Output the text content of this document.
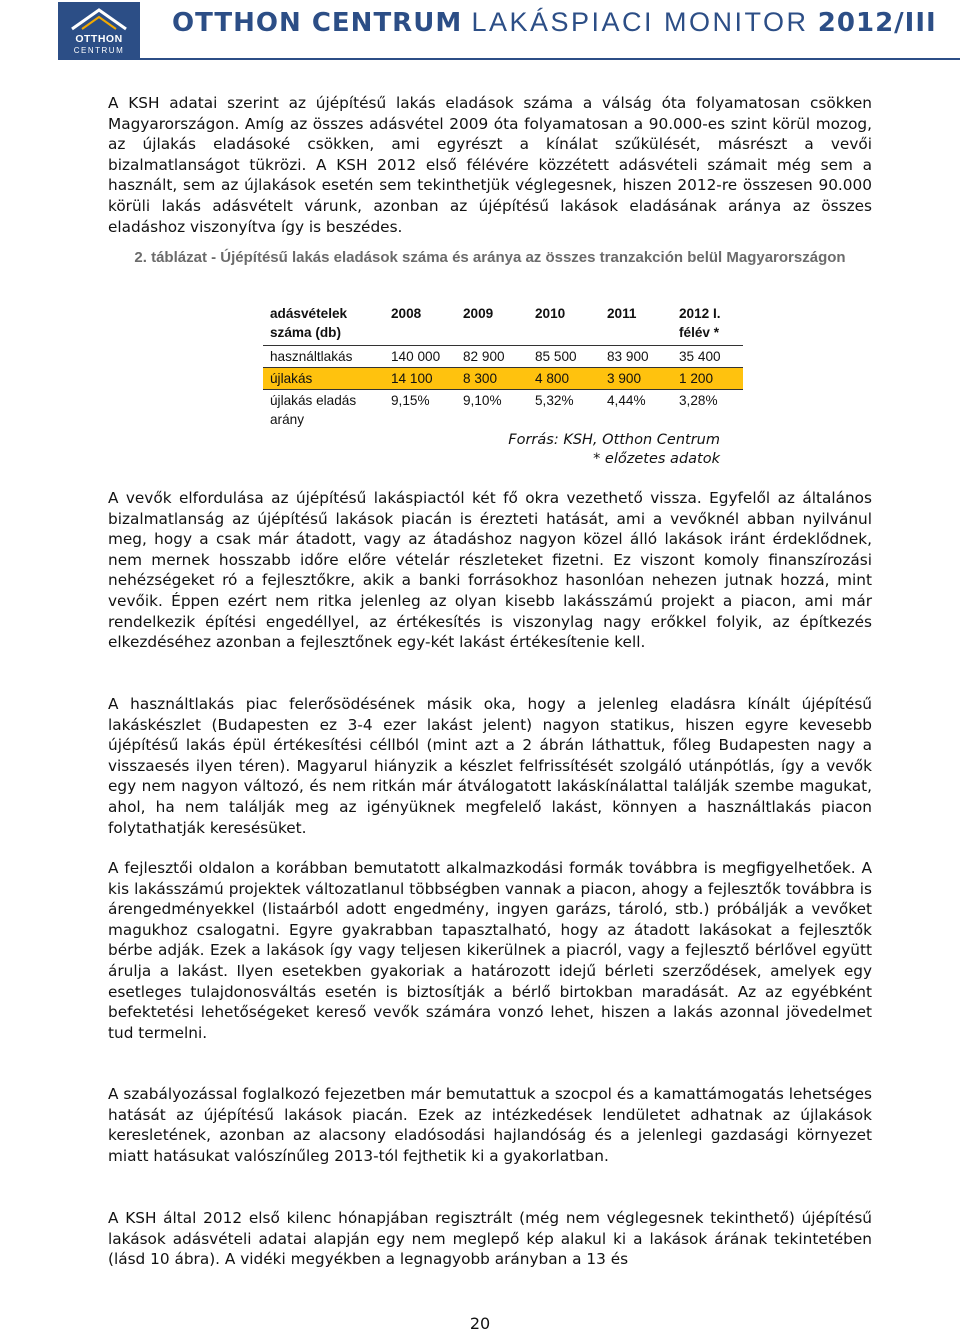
OTTHON
CENTRUM
OTTHON CENTRUM LAKÁSPIACI MONITOR 2012/III

A KSH adatai szerint az újépítésű lakás eladások száma a válság óta folyamatosan csökken Magyarországon. Amíg az összes adásvétel 2009 óta folyamatosan a 90.000-es szint körül mozog, az újlakás eladásoké csökken, ami egyrészt a kínálat szűkülését, másrészt a vevői bizalmatlanságot tükrözi. A KSH 2012 első félévére közzétett adásvételi számait még sem a használt, sem az újlakások esetén sem tekinthetjük véglegesnek, hiszen 2012-re összesen 90.000 körüli lakás adásvételt várunk, azonban az újépítésű lakások eladásának aránya az összes eladáshoz viszonyítva így is beszédes.

2. táblázat - Újépítésű lakás eladások száma és aránya az összes tranzakción belül Magyarországon
adásvételek száma (db)	2008	2009	2010	2011	2012 I. félév *
használtlakás	140 000	82 900	85 500	83 900	35 400
újlakás	14 100	8 300	4 800	3 900	1 200
újlakás eladás arány	9,15%	9,10%	5,32%	4,44%	3,28%
Forrás: KSH, Otthon Centrum
* előzetes adatok

A vevők elfordulása az újépítésű lakáspiactól két fő okra vezethető vissza. Egyfelől az általános bizalmatlanság az újépítésű lakások piacán is érezteti hatását, ami a vevőknél abban nyilvánul meg, hogy a csak már átadott, vagy az átadáshoz nagyon közel álló lakások iránt érdeklődnek, nem mernek hosszabb időre előre vételár részleteket fizetni. Ez viszont komoly finanszírozási nehézségeket ró a fejlesztőkre, akik a banki forrásokhoz hasonlóan nehezen jutnak hozzá, mint vevőik. Éppen ezért nem ritka jelenleg az olyan kisebb lakásszámú projekt a piacon, ami már rendelkezik építési engedéllyel, az értékesítés is viszonylag nagy erőkkel folyik, az építkezés elkezdéséhez azonban a fejlesztőnek egy-két lakást értékesítenie kell.

A használtlakás piac felerősödésének másik oka, hogy a jelenleg eladásra kínált újépítésű lakáskészlet (Budapesten ez 3-4 ezer lakást jelent) nagyon statikus, hiszen egyre kevesebb újépítésű lakás épül értékesítési céllból (mint azt a 2 ábrán láthattuk, főleg Budapesten nagy a visszaesés ilyen téren). Magyarul hiányzik a készlet felfrissítését szolgáló utánpótlás, így a vevők egy nem nagyon változó, és nem ritkán már átválogatott lakáskínálattal találják szembe magukat, ahol, ha nem találják meg az igényüknek megfelelő lakást, könnyen a használtlakás piacon folytathatják keresésüket.

A fejlesztői oldalon a korábban bemutatott alkalmazkodási formák továbbra is megfigyelhetőek. A kis lakásszámú projektek változatlanul többségben vannak a piacon, ahogy a fejlesztők továbbra is árengedményekkel (listaárból adott engedmény, ingyen garázs, tároló, stb.) próbálják a vevőket magukhoz csalogatni. Egyre gyakrabban tapasztalható, hogy az átadott lakásokat a fejlesztők bérbe adják. Ezek a lakások így vagy teljesen kikerülnek a piacról, vagy a fejlesztő bérlővel együtt árulja a lakást. Ilyen esetekben gyakoriak a határozott idejű bérleti szerződések, amelyek egy esetleges tulajdonosváltás esetén is biztosítják a bérlő birtokban maradását. Az az egyébként befektetési lehetőségeket kereső vevők számára vonzó lehet, hiszen a lakás azonnal jövedelmet tud termelni.

A szabályozással foglalkozó fejezetben már bemutattuk a szocpol és a kamattámogatás lehetséges hatását az újépítésű lakások piacán. Ezek az intézkedések lendületet adhatnak az újlakások keresletének, azonban az alacsony eladósodási hajlandóság és a jelenlegi gazdasági környezet miatt hatásukat valószínűleg 2013-tól fejthetik ki a gyakorlatban.

A KSH által 2012 első kilenc hónapjában regisztrált (még nem véglegesnek tekinthető) újépítésű lakások adásvételi adatai alapján egy nem meglepő kép alakul ki a lakások árának tekintetében (lásd 10 ábra). A vidéki megyékben a legnagyobb arányban a 13 és

20
